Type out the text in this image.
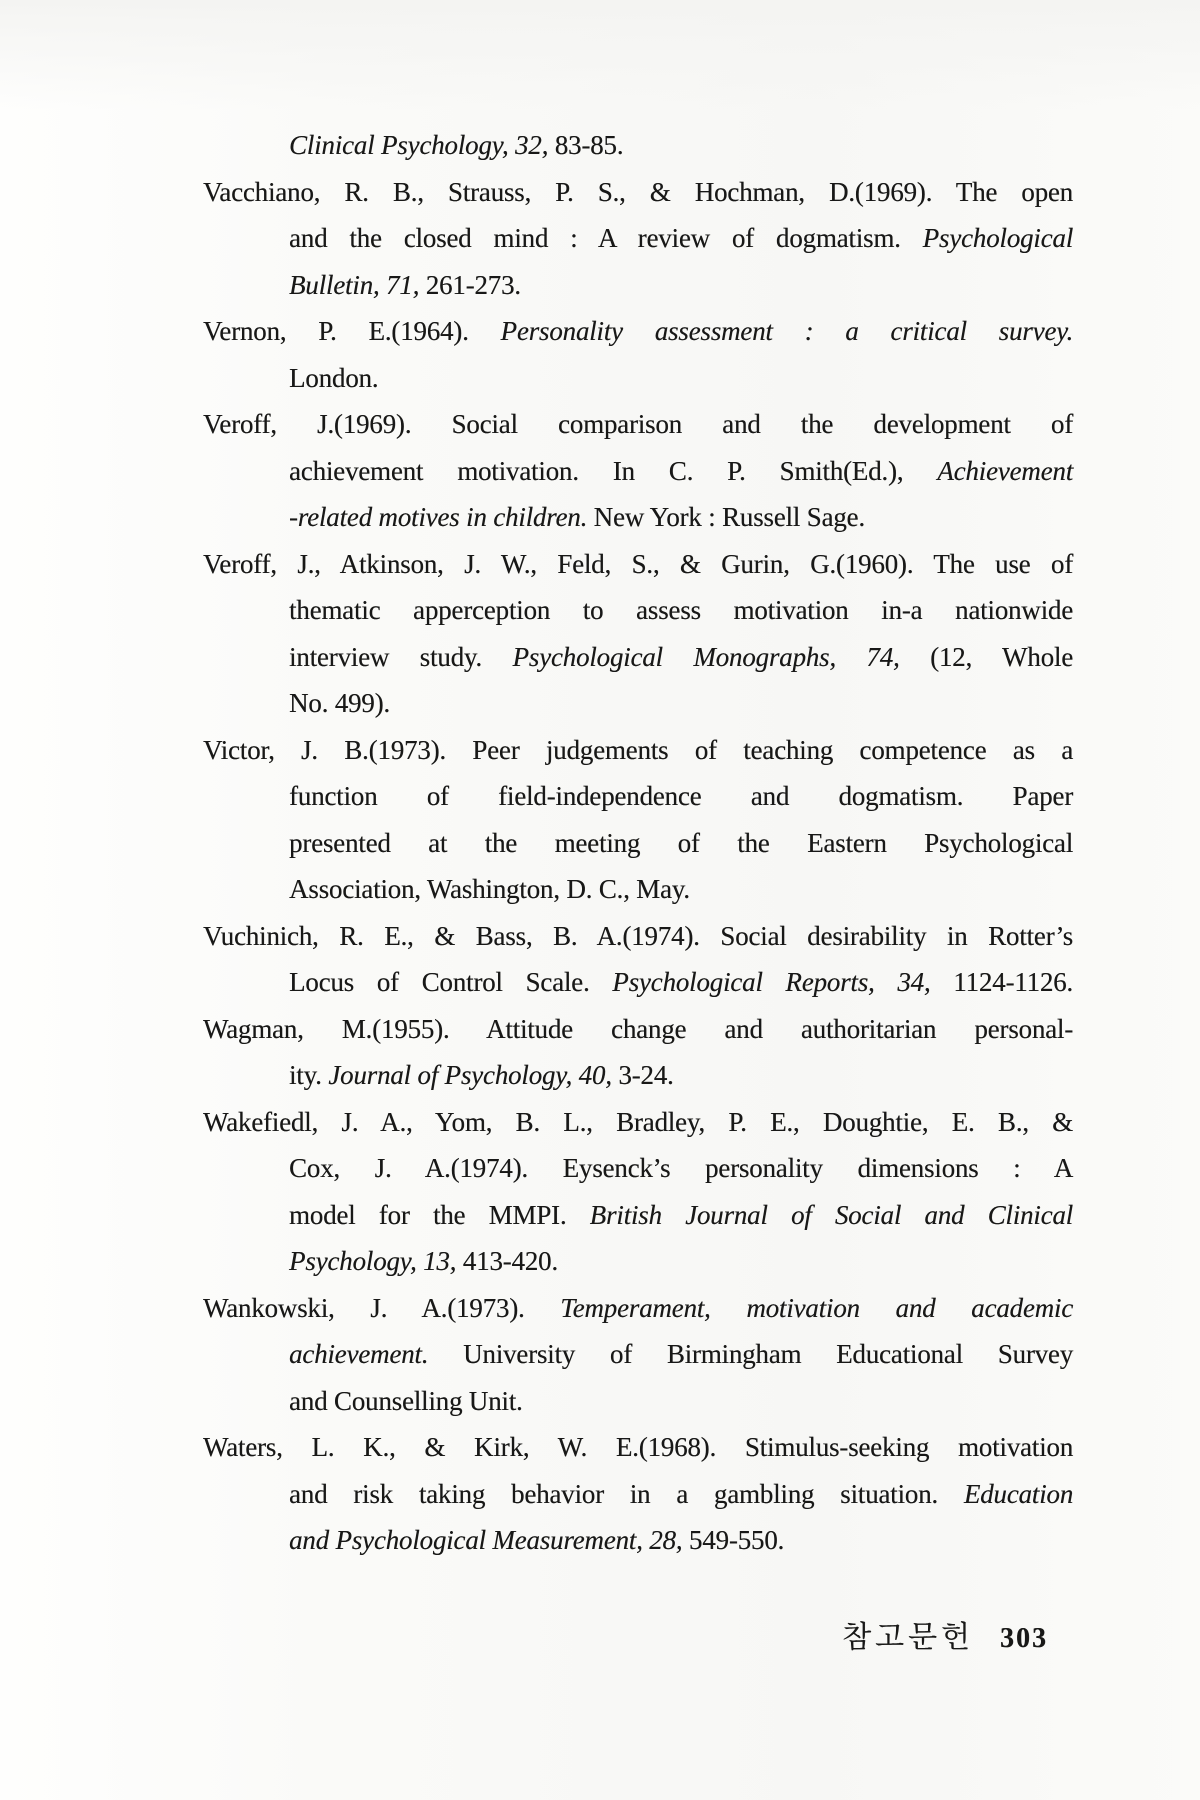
Clinical Psychology, 32, 83-85.

Vacchiano, R. B., Strauss, P. S., & Hochman, D.(1969). The open

and the closed mind : A review of dogmatism. Psychological

Bulletin, 71, 261-273.

Vernon, P. E.(1964). Personality assessment : a critical survey.

London.

Veroff, J.(1969). Social comparison and the development of

achievement motivation. In C. P. Smith(Ed.), Achievement

-related motives in children. New York : Russell Sage.

Veroff, J., Atkinson, J. W., Feld, S., & Gurin, G.(1960). The use of

thematic apperception to assess motivation in-a nationwide

interview study. Psychological Monographs, 74, (12, Whole

No. 499).

Victor, J. B.(1973). Peer judgements of teaching competence as a

function of field-independence and dogmatism. Paper

presented at the meeting of the Eastern Psychological

Association, Washington, D. C., May.

Vuchinich, R. E., & Bass, B. A.(1974). Social desirability in Rotter’s

Locus of Control Scale. Psychological Reports, 34, 1124-1126.

Wagman, M.(1955). Attitude change and authoritarian personal-

ity. Journal of Psychology, 40, 3-24.

Wakefiedl, J. A., Yom, B. L., Bradley, P. E., Doughtie, E. B., &

Cox, J. A.(1974). Eysenck’s personality dimensions : A

model for the MMPI. British Journal of Social and Clinical

Psychology, 13, 413-420.

Wankowski, J. A.(1973). Temperament, motivation and academic

achievement. University of Birmingham Educational Survey

and Counselling Unit.

Waters, L. K., & Kirk, W. E.(1968). Stimulus-seeking motivation

and risk taking behavior in a gambling situation. Education

and Psychological Measurement, 28, 549-550.

참고문헌 303
